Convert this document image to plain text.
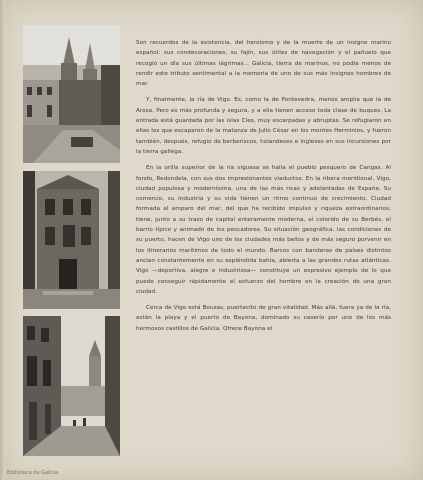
Son recuerdos de la existencia, del heroísmo y de la muerte de un insigne marino español: sus condecoraciones, su fajín, sus útiles de navegación y el pañuelo que recogió un día sus últimas lágrimas... Galicia, tierra de marinos, no podía menos de rendir este tributo sentimental a la memoria de uno de sus más insignes hombres de mar.

Y, finalmente, la ría de Vigo. Es, como la de Pontevedra, menos amplia que la de Arosa. Pero es más profunda y segura, y a ella tienen acceso toda clase de buques. La entrada está guardada por las islas Cíes, muy escarpadas y abruptas. Se refugiaron en ellas los que escaparon de la matanza de Julio César en los montes Herminios, y fueron también, después, refugio de berberiscos, holandeses e ingleses en sus incursiones por la tierra gallega.

En la orilla superior de la ría viguesa se halla el pueblo pesquero de Cangas. Al fondo, Redondela, con sus dos impresionantes viaductos. En la ribera meridional, Vigo, ciudad populosa y modernísima, una de las más ricas y adelantadas de España. Su comercio, su industria y su vida tienen un ritmo continuo de crecimiento. Ciudad formada al amparo del mar, del que ha recibido impulso y riqueza extraordinarios, tiene, junto a su trazo de capital enteramente moderna, el colorido de su Berbés, el barrio típico y animado de los pescadores. Su situación geográfica, las condiciones de su puerto, hacen de Vigo uno de los ciudades más bellos y de más seguro porvenir en los itinerarios marítimos de todo el mundo. Barcos con banderas de países distintos anclan constantemente en su espléndida bahía, abierta a las grandes rutas atlánticas. Vigo —deportiva, alegre e industriosa— constituye un expresivo ejemplo de lo que puede conseguir rápidamente el esfuerzo del hombre en la creación de una gran ciudad.

Cerca de Vigo está Bouzas, puertecito de gran vitalidad. Más allá, fuera ya de la ría, están la playa y el puerto de Bayona, dominado su caserío por uno de los más hermosos castillos de Galicia. Ofrece Bayona el

Biblioteca de Galicia
